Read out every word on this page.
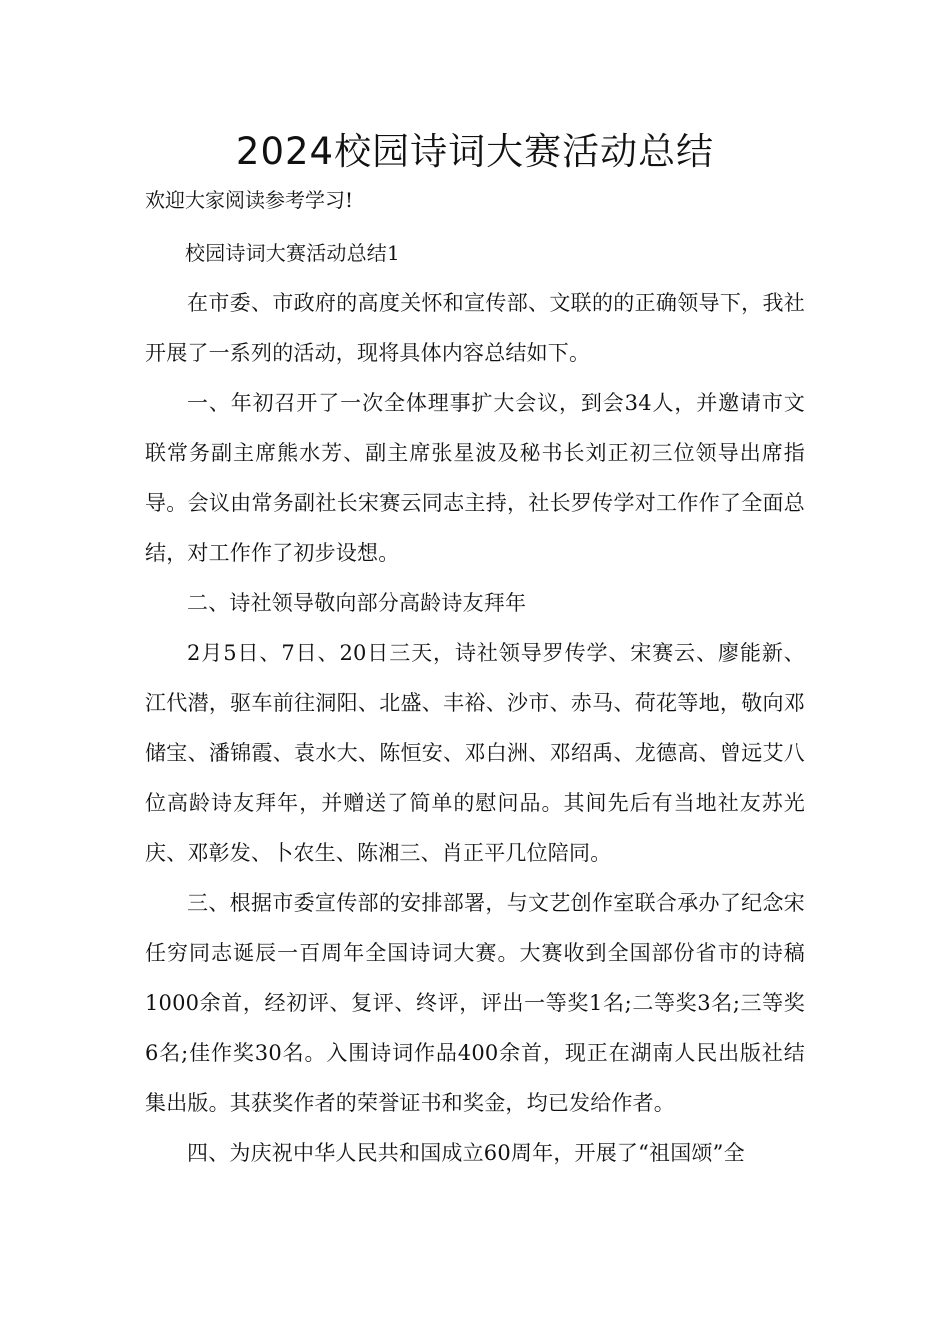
2024校园诗词大赛活动总结

欢迎大家阅读参考学习!

校园诗词大赛活动总结1

在市委、市政府的高度关怀和宣传部、文联的的正确领导下，我社开展了一系列的活动，现将具体内容总结如下。

一、年初召开了一次全体理事扩大会议，到会34人，并邀请市文联常务副主席熊水芳、副主席张星波及秘书长刘正初三位领导出席指导。会议由常务副社长宋赛云同志主持，社长罗传学对工作作了全面总结，对工作作了初步设想。

二、诗社领导敬向部分高龄诗友拜年

2月5日、7日、20日三天，诗社领导罗传学、宋赛云、廖能新、江代潜，驱车前往洞阳、北盛、丰裕、沙市、赤马、荷花等地，敬向邓储宝、潘锦霞、袁水大、陈恒安、邓白洲、邓绍禹、龙德高、曾远艾八位高龄诗友拜年，并赠送了简单的慰问品。其间先后有当地社友苏光庆、邓彰发、卜农生、陈湘三、肖正平几位陪同。

三、根据市委宣传部的安排部署，与文艺创作室联合承办了纪念宋任穷同志诞辰一百周年全国诗词大赛。大赛收到全国部份省市的诗稿1000余首，经初评、复评、终评，评出一等奖1名;二等奖3名;三等奖6名;佳作奖30名。入围诗词作品400余首，现正在湖南人民出版社结集出版。其获奖作者的荣誉证书和奖金，均已发给作者。

四、为庆祝中华人民共和国成立60周年，开展了“祖国颂”全
